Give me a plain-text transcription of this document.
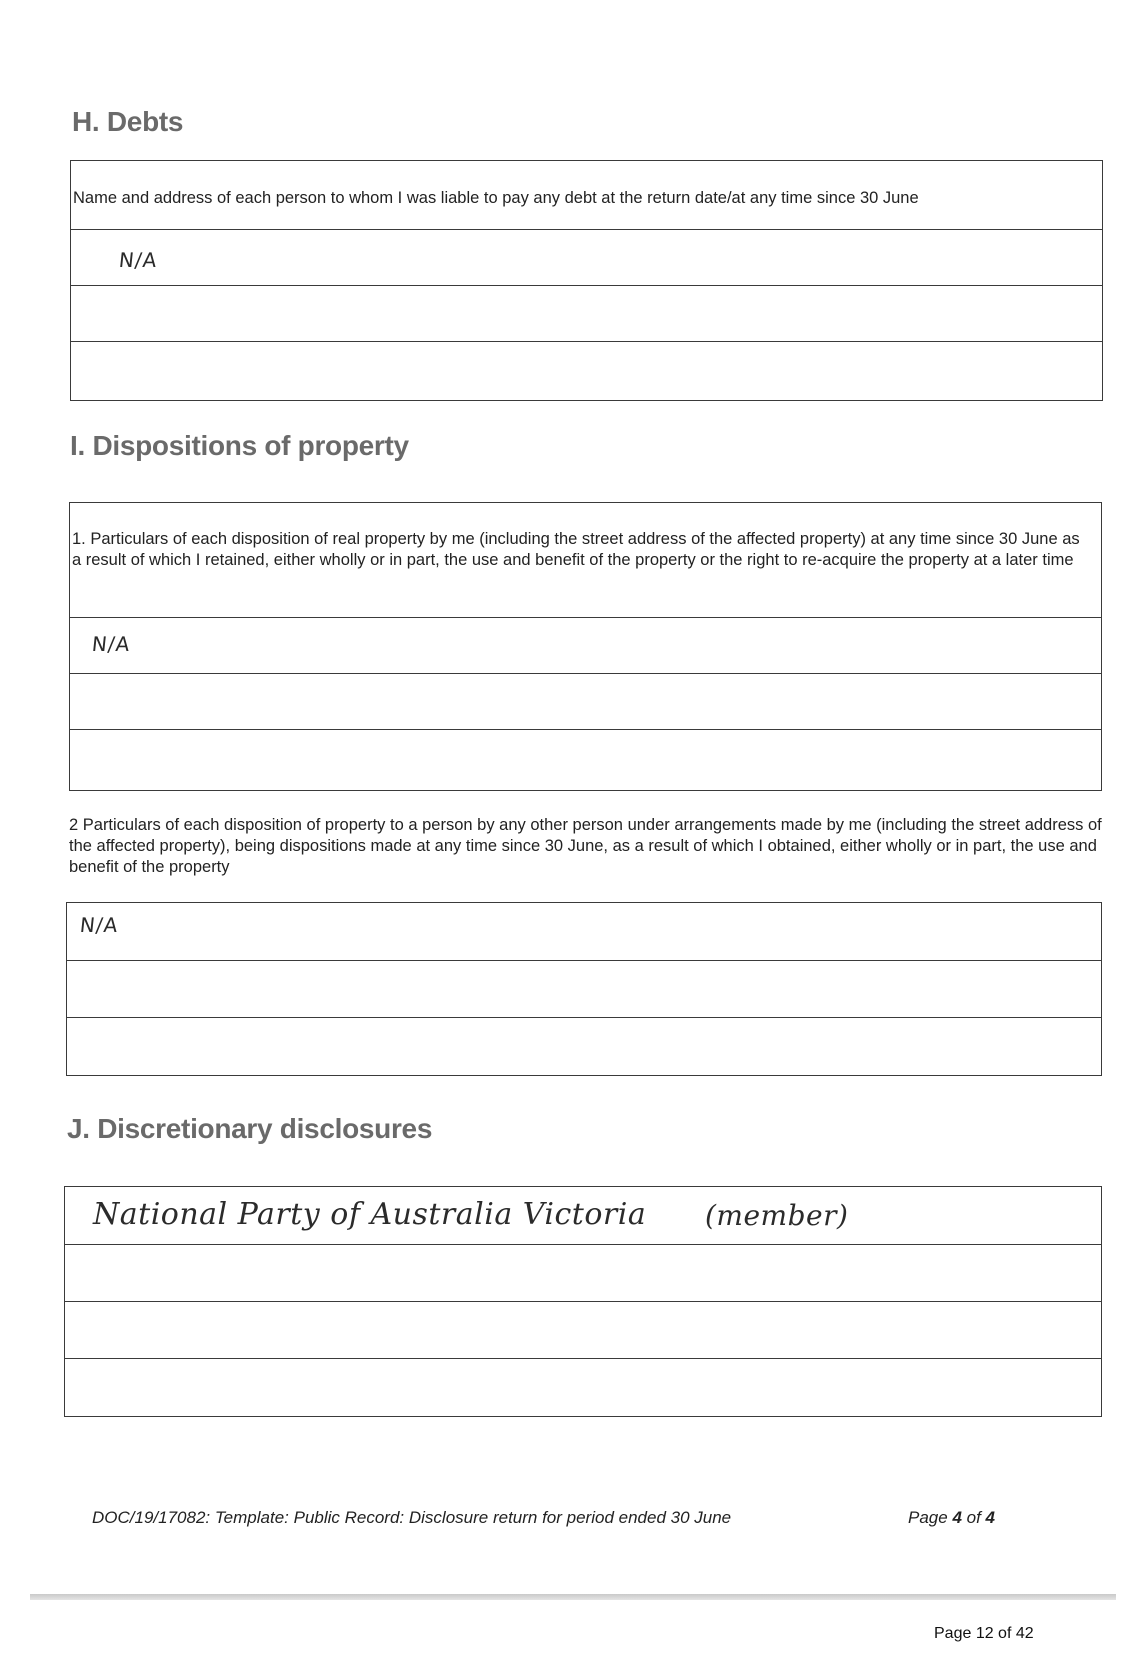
H. Debts
Name and address of each person to whom I was liable to pay any debt at the return date/at any time since 30 June
N/A
I. Dispositions of property
1. Particulars of each disposition of real property by me (including the street address of the affected property) at any time since 30 June as a result of which I retained, either wholly or in part, the use and benefit of the property or the right to re-acquire the property at a later time
N/A
2 Particulars of each disposition of property to a person by any other person under arrangements made by me (including the street address of the affected property), being dispositions made at any time since 30 June, as a result of which I obtained, either wholly or in part, the use and benefit of the property
N/A
J. Discretionary disclosures
National Party of Australia Victoria (member)
DOC/19/17082: Template: Public Record: Disclosure return for period ended 30 June	Page 4 of 4
Page 12 of 42
